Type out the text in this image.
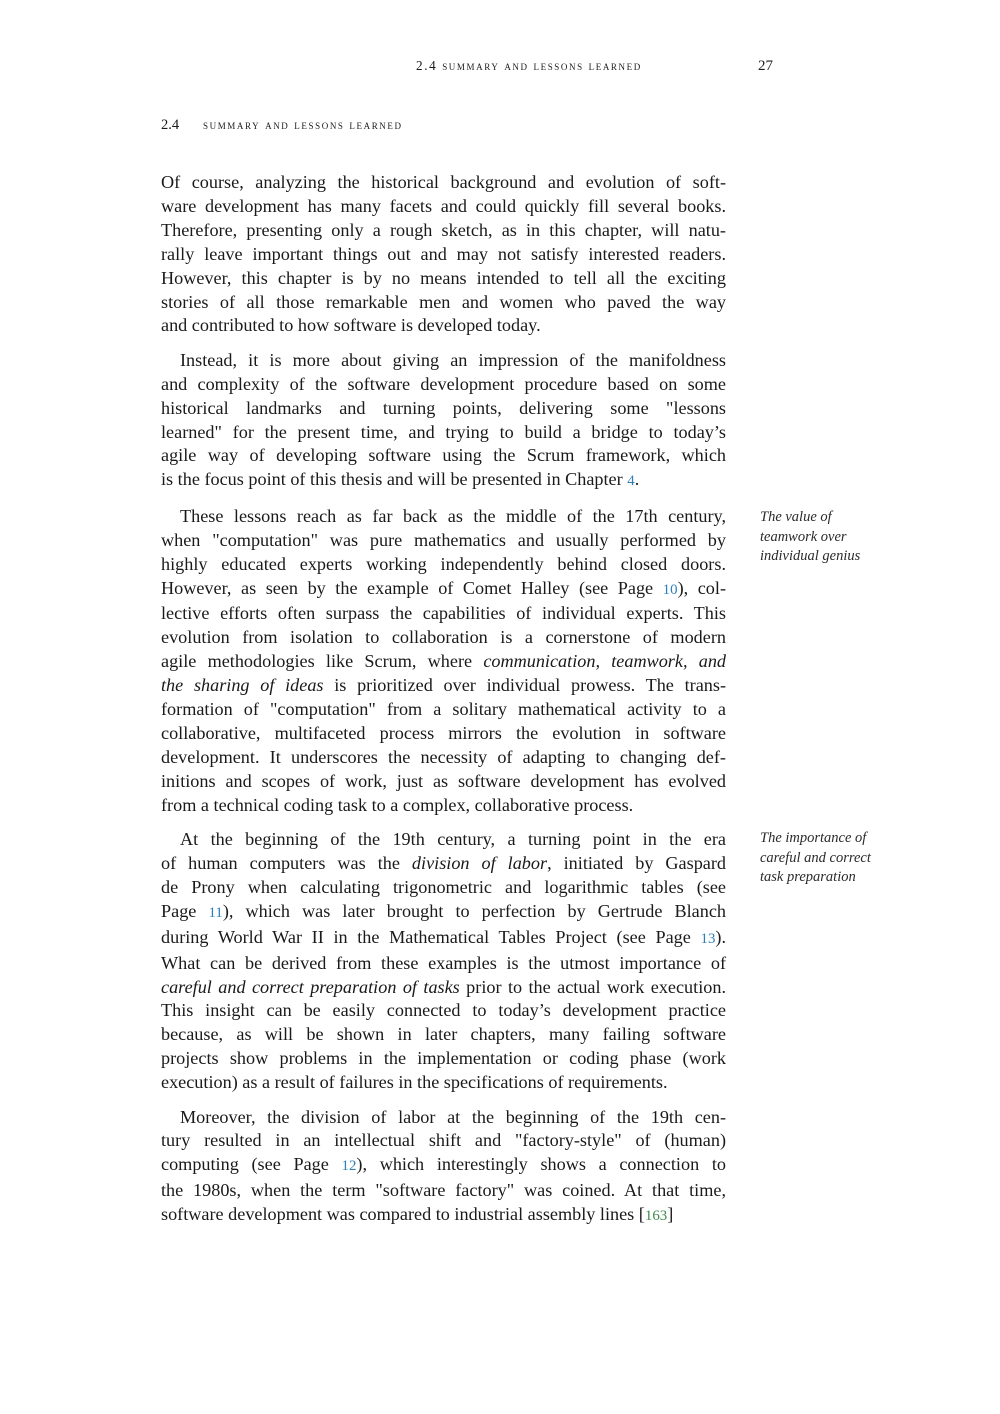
2.4 summary and lessons learned	27
2.4 summary and lessons learned

Of course, analyzing the historical background and evolution of soft-
ware development has many facets and could quickly fill several books.
Therefore, presenting only a rough sketch, as in this chapter, will natu-
rally leave important things out and may not satisfy interested readers.
However, this chapter is by no means intended to tell all the exciting
stories of all those remarkable men and women who paved the way
and contributed to how software is developed today.

Instead, it is more about giving an impression of the manifoldness
and complexity of the software development procedure based on some
historical landmarks and turning points, delivering some "lessons
learned" for the present time, and trying to build a bridge to today’s
agile way of developing software using the Scrum framework, which
is the focus point of this thesis and will be presented in Chapter 4.

These lessons reach as far back as the middle of the 17th century,
when "computation" was pure mathematics and usually performed by
highly educated experts working independently behind closed doors.
However, as seen by the example of Comet Halley (see Page 10), col-
lective efforts often surpass the capabilities of individual experts. This
evolution from isolation to collaboration is a cornerstone of modern
agile methodologies like Scrum, where communication, teamwork, and
the sharing of ideas is prioritized over individual prowess. The trans-
formation of "computation" from a solitary mathematical activity to a
collaborative, multifaceted process mirrors the evolution in software
development. It underscores the necessity of adapting to changing def-
initions and scopes of work, just as software development has evolved
from a technical coding task to a complex, collaborative process.

At the beginning of the 19th century, a turning point in the era
of human computers was the division of labor, initiated by Gaspard
de Prony when calculating trigonometric and logarithmic tables (see
Page 11), which was later brought to perfection by Gertrude Blanch
during World War II in the Mathematical Tables Project (see Page 13).
What can be derived from these examples is the utmost importance of
careful and correct preparation of tasks prior to the actual work execution.
This insight can be easily connected to today’s development practice
because, as will be shown in later chapters, many failing software
projects show problems in the implementation or coding phase (work
execution) as a result of failures in the specifications of requirements.

Moreover, the division of labor at the beginning of the 19th cen-
tury resulted in an intellectual shift and "factory-style" of (human)
computing (see Page 12), which interestingly shows a connection to
the 1980s, when the term "software factory" was coined. At that time,
software development was compared to industrial assembly lines [163]

The value of
teamwork over
individual genius
The importance of
careful and correct
task preparation
